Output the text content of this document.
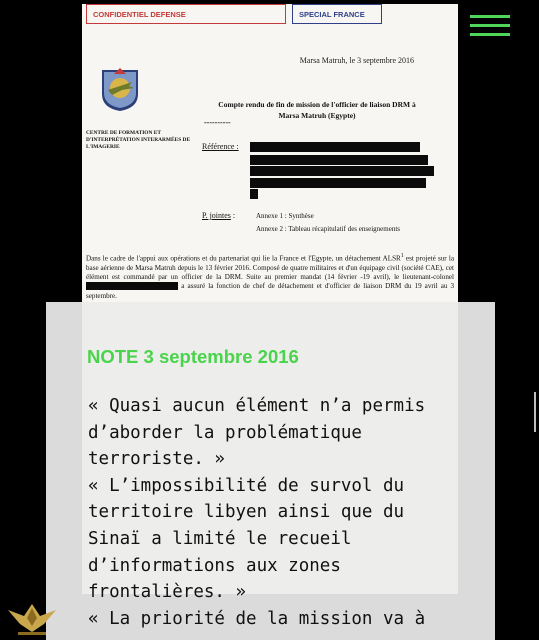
CONFIDENTIEL DEFENSE	SPECIAL FRANCE
Marsa Matruh, le 3 septembre 2016
Compte rendu de fin de mission de l'officier de liaison DRM à
Marsa Matruh (Egypte)
----------
CENTRE DE FORMATION ET
D'INTERPRÉTATION INTERARMÉES DE
L'IMAGERIE	Référence :
P. jointes :	Annexe 1 : Synthèse
Annexe 2 : Tableau récapitulatif des enseignements
Dans le cadre de l'appui aux opérations et du partenariat qui lie la France et l'Egypte, un détachement ALSR$^1$ est projeté sur la base aérienne de Marsa Matruh depuis le 13 février 2016. Composé de quatre militaires et d'un équipage civil (société CAE), cet élément est commandé par un officier de la DRM. Suite au premier mandat (14 février -19 avril), le lieutenant-colonel XXXXXXXXXXXXXXXXXX a assuré la fonction de chef de détachement et d'officier de liaison DRM du 19 avril au 3 septembre.
NOTE 3 septembre 2016

« Quasi aucun élément n’a permis

d’aborder la problématique

terroriste. »

« L’impossibilité de survol du

territoire libyen ainsi que du

Sinaï a limité le recueil

d’informations aux zones

frontalières. »

« La priorité de la mission va à
